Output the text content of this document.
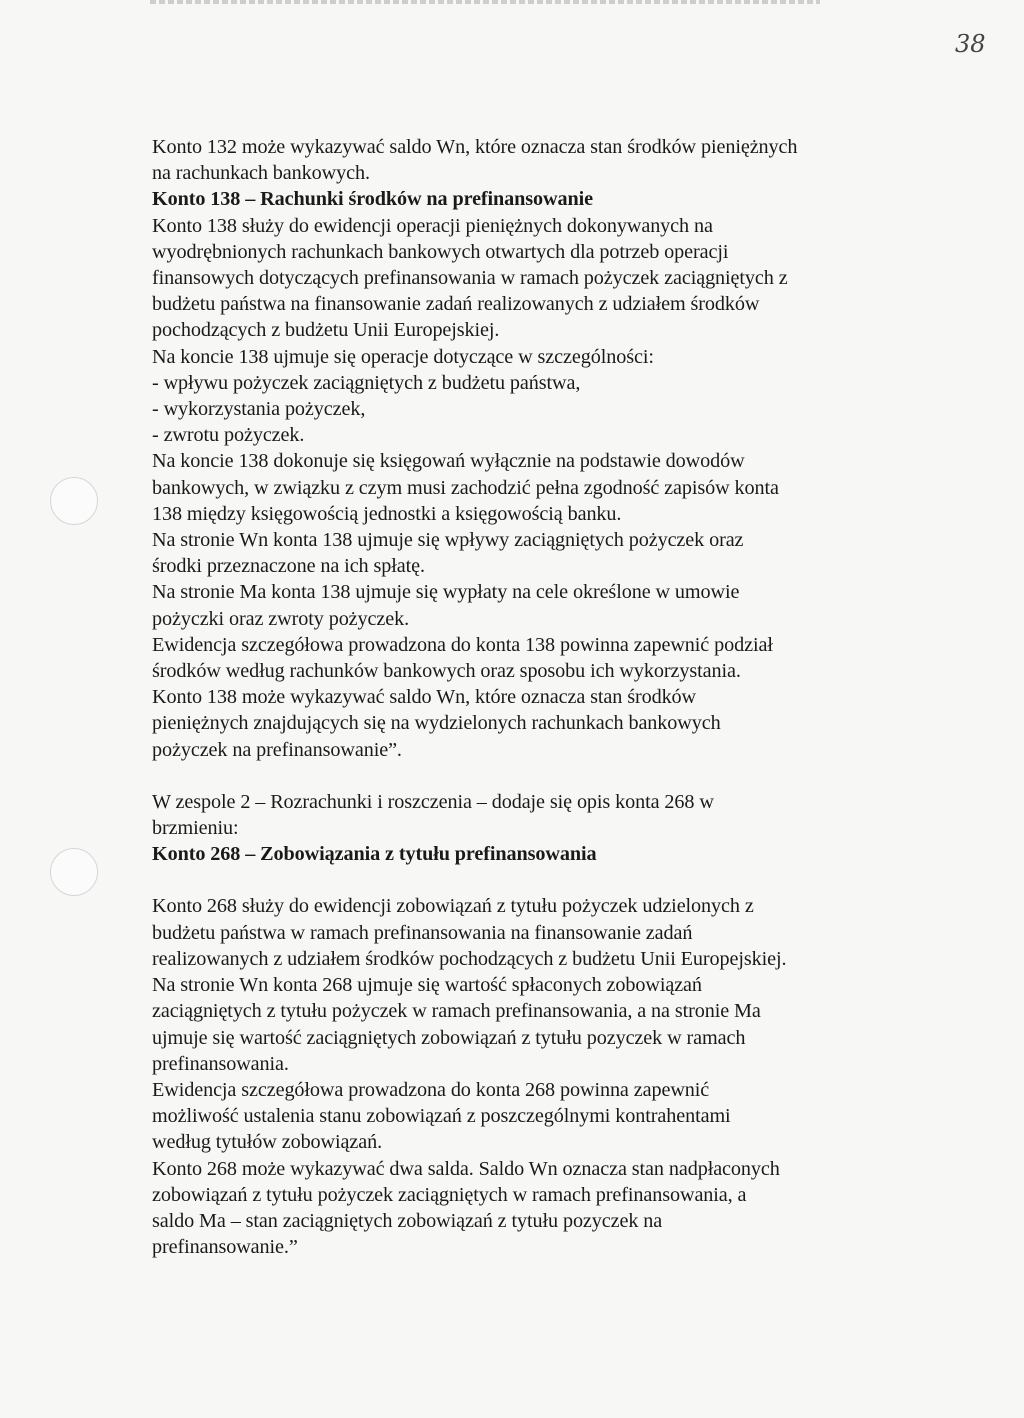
38

Konto 132 może wykazywać saldo Wn, które oznacza stan środków pieniężnych

na rachunkach bankowych.

Konto 138 – Rachunki środków na prefinansowanie

Konto 138 służy do ewidencji operacji pieniężnych dokonywanych na

wyodrębnionych rachunkach bankowych otwartych dla potrzeb operacji

finansowych dotyczących prefinansowania w ramach pożyczek zaciągniętych z

budżetu państwa na finansowanie zadań realizowanych z udziałem środków

pochodzących z budżetu Unii Europejskiej.

Na koncie 138 ujmuje się operacje dotyczące w szczególności:

- wpływu pożyczek zaciągniętych z budżetu państwa,

- wykorzystania pożyczek,

- zwrotu pożyczek.

Na koncie 138 dokonuje się księgowań wyłącznie na podstawie dowodów

bankowych, w związku z czym musi zachodzić pełna zgodność zapisów konta

138 między księgowością jednostki a księgowością banku.

Na stronie Wn konta 138 ujmuje się wpływy zaciągniętych pożyczek oraz

środki przeznaczone na ich spłatę.

Na stronie Ma konta 138 ujmuje się wypłaty na cele określone w umowie

pożyczki oraz zwroty pożyczek.

Ewidencja szczegółowa prowadzona do konta 138 powinna zapewnić podział

środków według rachunków bankowych oraz sposobu ich wykorzystania.

Konto 138 może wykazywać saldo Wn, które oznacza stan środków

pieniężnych znajdujących się na wydzielonych rachunkach bankowych

pożyczek na prefinansowanie”.

W zespole 2 – Rozrachunki i roszczenia – dodaje się opis konta 268 w

brzmieniu:

Konto 268 – Zobowiązania z tytułu prefinansowania

Konto 268 służy do ewidencji zobowiązań z tytułu pożyczek udzielonych z

budżetu państwa w ramach prefinansowania na finansowanie zadań

realizowanych z udziałem środków pochodzących z budżetu Unii Europejskiej.

Na stronie Wn konta 268 ujmuje się wartość spłaconych zobowiązań

zaciągniętych z tytułu pożyczek w ramach prefinansowania, a na stronie Ma

ujmuje się wartość zaciągniętych zobowiązań z tytułu pozyczek w ramach

prefinansowania.

Ewidencja szczegółowa prowadzona do konta 268 powinna zapewnić

możliwość ustalenia stanu zobowiązań z poszczególnymi kontrahentami

według tytułów zobowiązań.

Konto 268 może wykazywać dwa salda. Saldo Wn oznacza stan nadpłaconych

zobowiązań z tytułu pożyczek zaciągniętych w ramach prefinansowania, a

saldo Ma – stan zaciągniętych zobowiązań z tytułu pozyczek na

prefinansowanie.”
